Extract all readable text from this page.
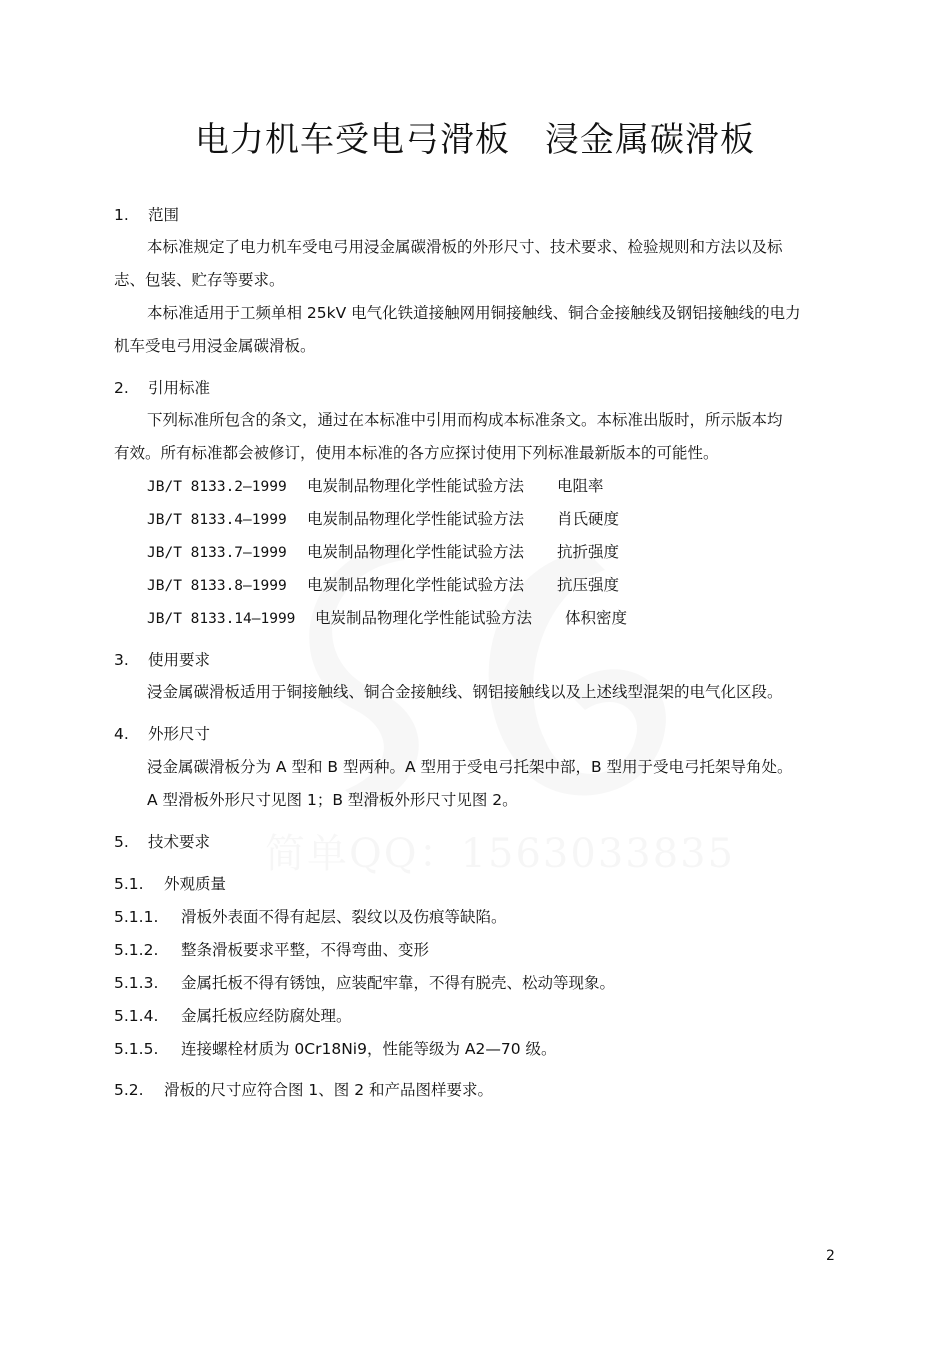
电力机车受电弓滑板　浸金属碳滑板
1. 范围
本标准规定了电力机车受电弓用浸金属碳滑板的外形尺寸、技术要求、检验规则和方法以及标
志、包装、贮存等要求。
本标准适用于工频单相 25kV 电气化铁道接触网用铜接触线、铜合金接触线及钢铝接触线的电力
机车受电弓用浸金属碳滑板。
2. 引用标准
下列标准所包含的条文，通过在本标准中引用而构成本标准条文。本标准出版时，所示版本均
有效。所有标准都会被修订，使用本标准的各方应探讨使用下列标准最新版本的可能性。
JB/T 8133.2—1999 电炭制品物理化学性能试验方法 电阻率
JB/T 8133.4—1999 电炭制品物理化学性能试验方法 肖氏硬度
JB/T 8133.7—1999 电炭制品物理化学性能试验方法 抗折强度
JB/T 8133.8—1999 电炭制品物理化学性能试验方法 抗压强度
JB/T 8133.14—1999 电炭制品物理化学性能试验方法 体积密度
3. 使用要求
浸金属碳滑板适用于铜接触线、铜合金接触线、钢铝接触线以及上述线型混架的电气化区段。
4. 外形尺寸
浸金属碳滑板分为 A 型和 B 型两种。A 型用于受电弓托架中部，B 型用于受电弓托架导角处。
A 型滑板外形尺寸见图 1；B 型滑板外形尺寸见图 2。
5. 技术要求
5.1. 外观质量
5.1.1. 滑板外表面不得有起层、裂纹以及伤痕等缺陷。
5.1.2. 整条滑板要求平整，不得弯曲、变形
5.1.3. 金属托板不得有锈蚀，应装配牢靠，不得有脱壳、松动等现象。
5.1.4. 金属托板应经防腐处理。
5.1.5. 连接螺栓材质为 0Cr18Ni9，性能等级为 A2—70 级。
5.2. 滑板的尺寸应符合图 1、图 2 和产品图样要求。
2
